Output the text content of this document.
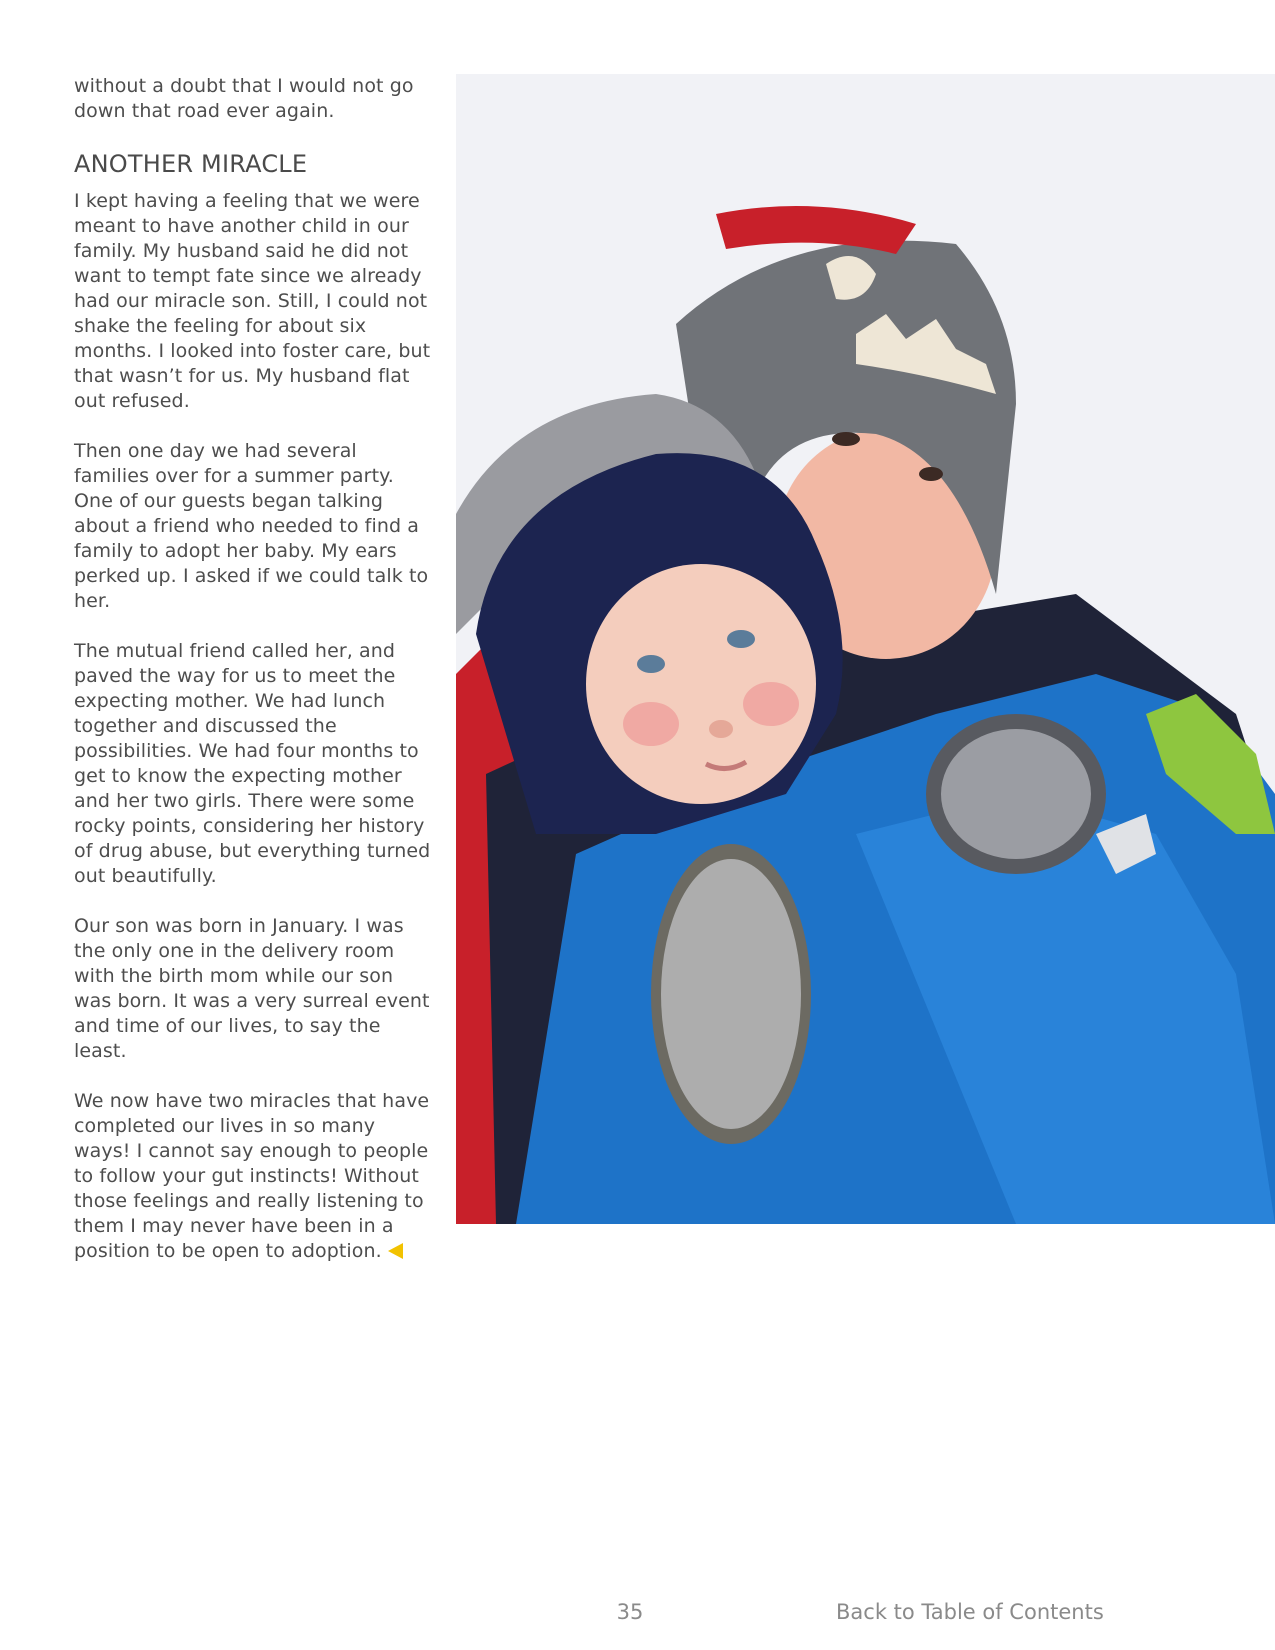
without a doubt that I would not go down that road ever again.

ANOTHER MIRACLE

I kept having a feeling that we were meant to have another child in our family. My husband said he did not want to tempt fate since we already had our miracle son. Still, I could not shake the feeling for about six months. I looked into foster care, but that wasn’t for us. My husband flat out refused.

Then one day we had several families over for a summer party. One of our guests began talking about a friend who needed to find a family to adopt her baby. My ears perked up. I asked if we could talk to her.

The mutual friend called her, and paved the way for us to meet the expecting mother. We had lunch together and discussed the possibilities. We had four months to get to know the expecting mother and her two girls. There were some rocky points, considering her history of drug abuse, but everything turned out beautifully.

Our son was born in January. I was the only one in the delivery room with the birth mom while our son was born. It was a very surreal event and time of our lives, to say the least.

We now have two miracles that have completed our lives in so many ways! I cannot say enough to people to follow your gut instincts! Without those feelings and really listening to them I may never have been in a position to be open to adoption.

35	Back to Table of Contents
